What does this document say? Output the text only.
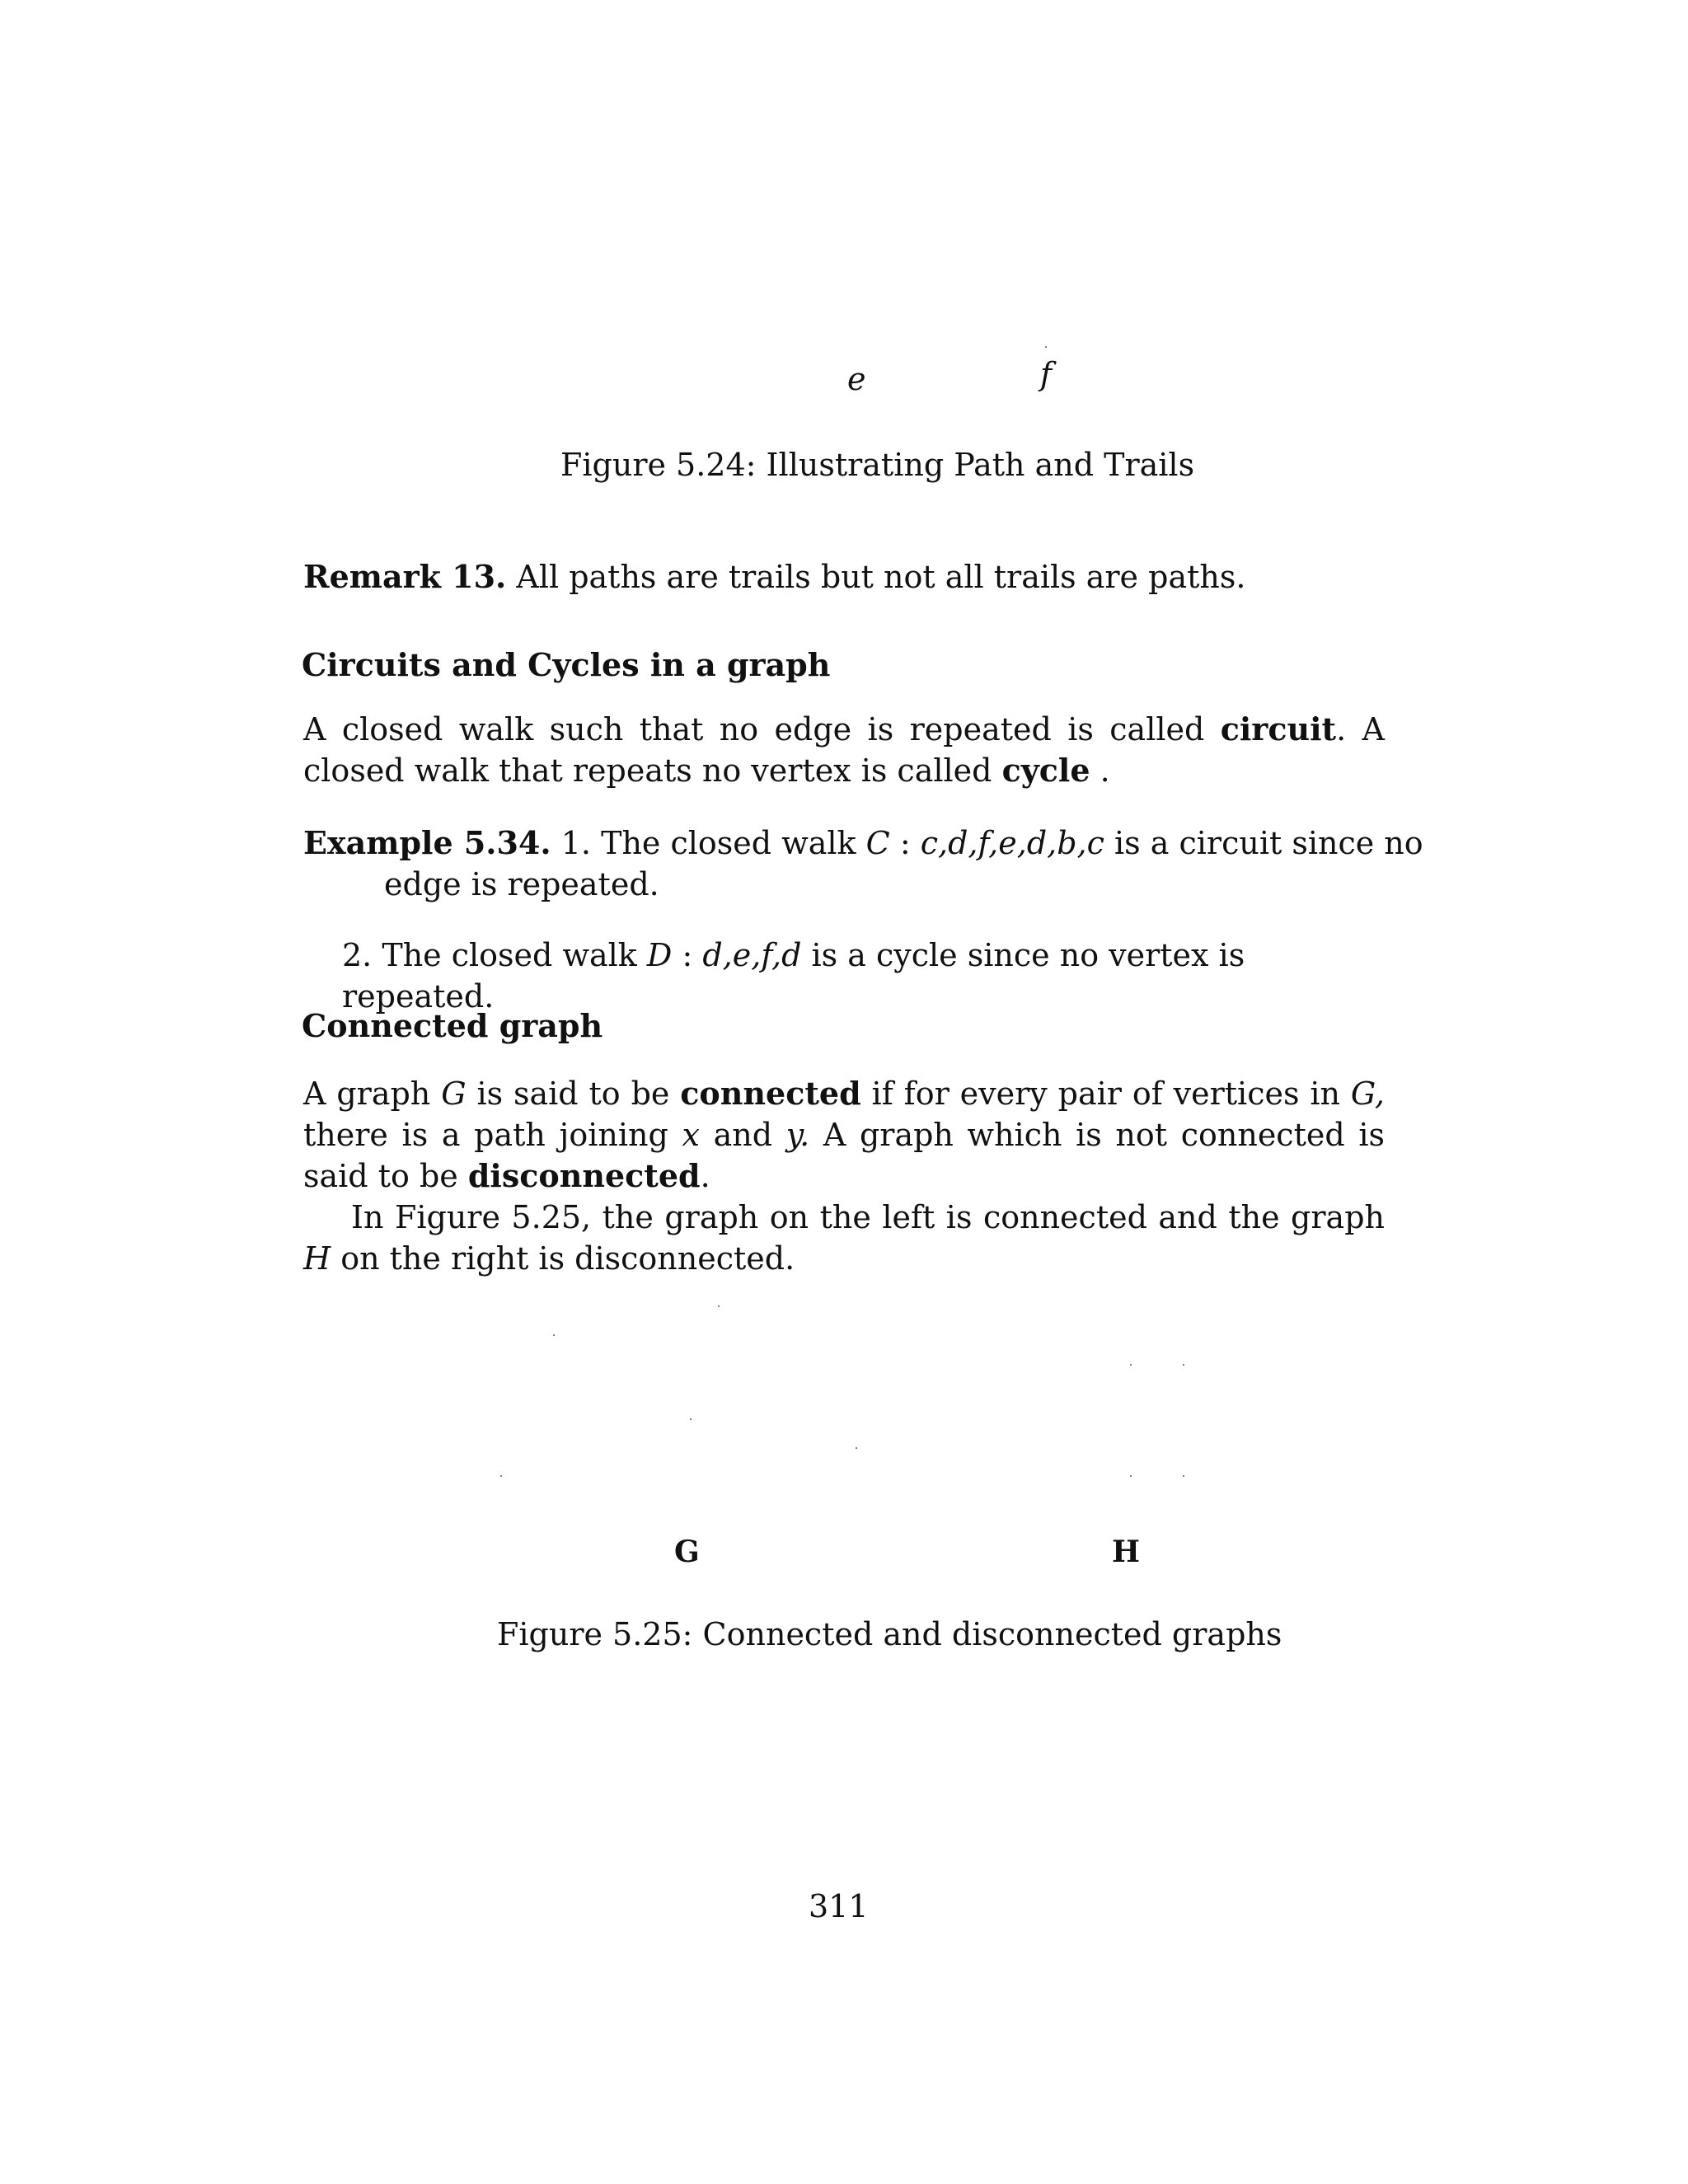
e	f
Figure 5.24: Illustrating Path and Trails
Remark 13. All paths are trails but not all trails are paths.
Circuits and Cycles in a graph
A closed walk such that no edge is repeated is called circuit. A closed walk that repeats no vertex is called cycle .
Example 5.34. 1. The closed walk C : c,d,f,e,d,b,c is a circuit since no edge is repeated.
2. The closed walk D : d,e,f,d is a cycle since no vertex is repeated.
Connected graph
A graph G is said to be connected if for every pair of vertices in G, there is a path joining x and y. A graph which is not connected is said to be disconnected.
In Figure 5.25, the graph on the left is connected and the graph H on the right is disconnected.
G	H
Figure 5.25: Connected and disconnected graphs
311
